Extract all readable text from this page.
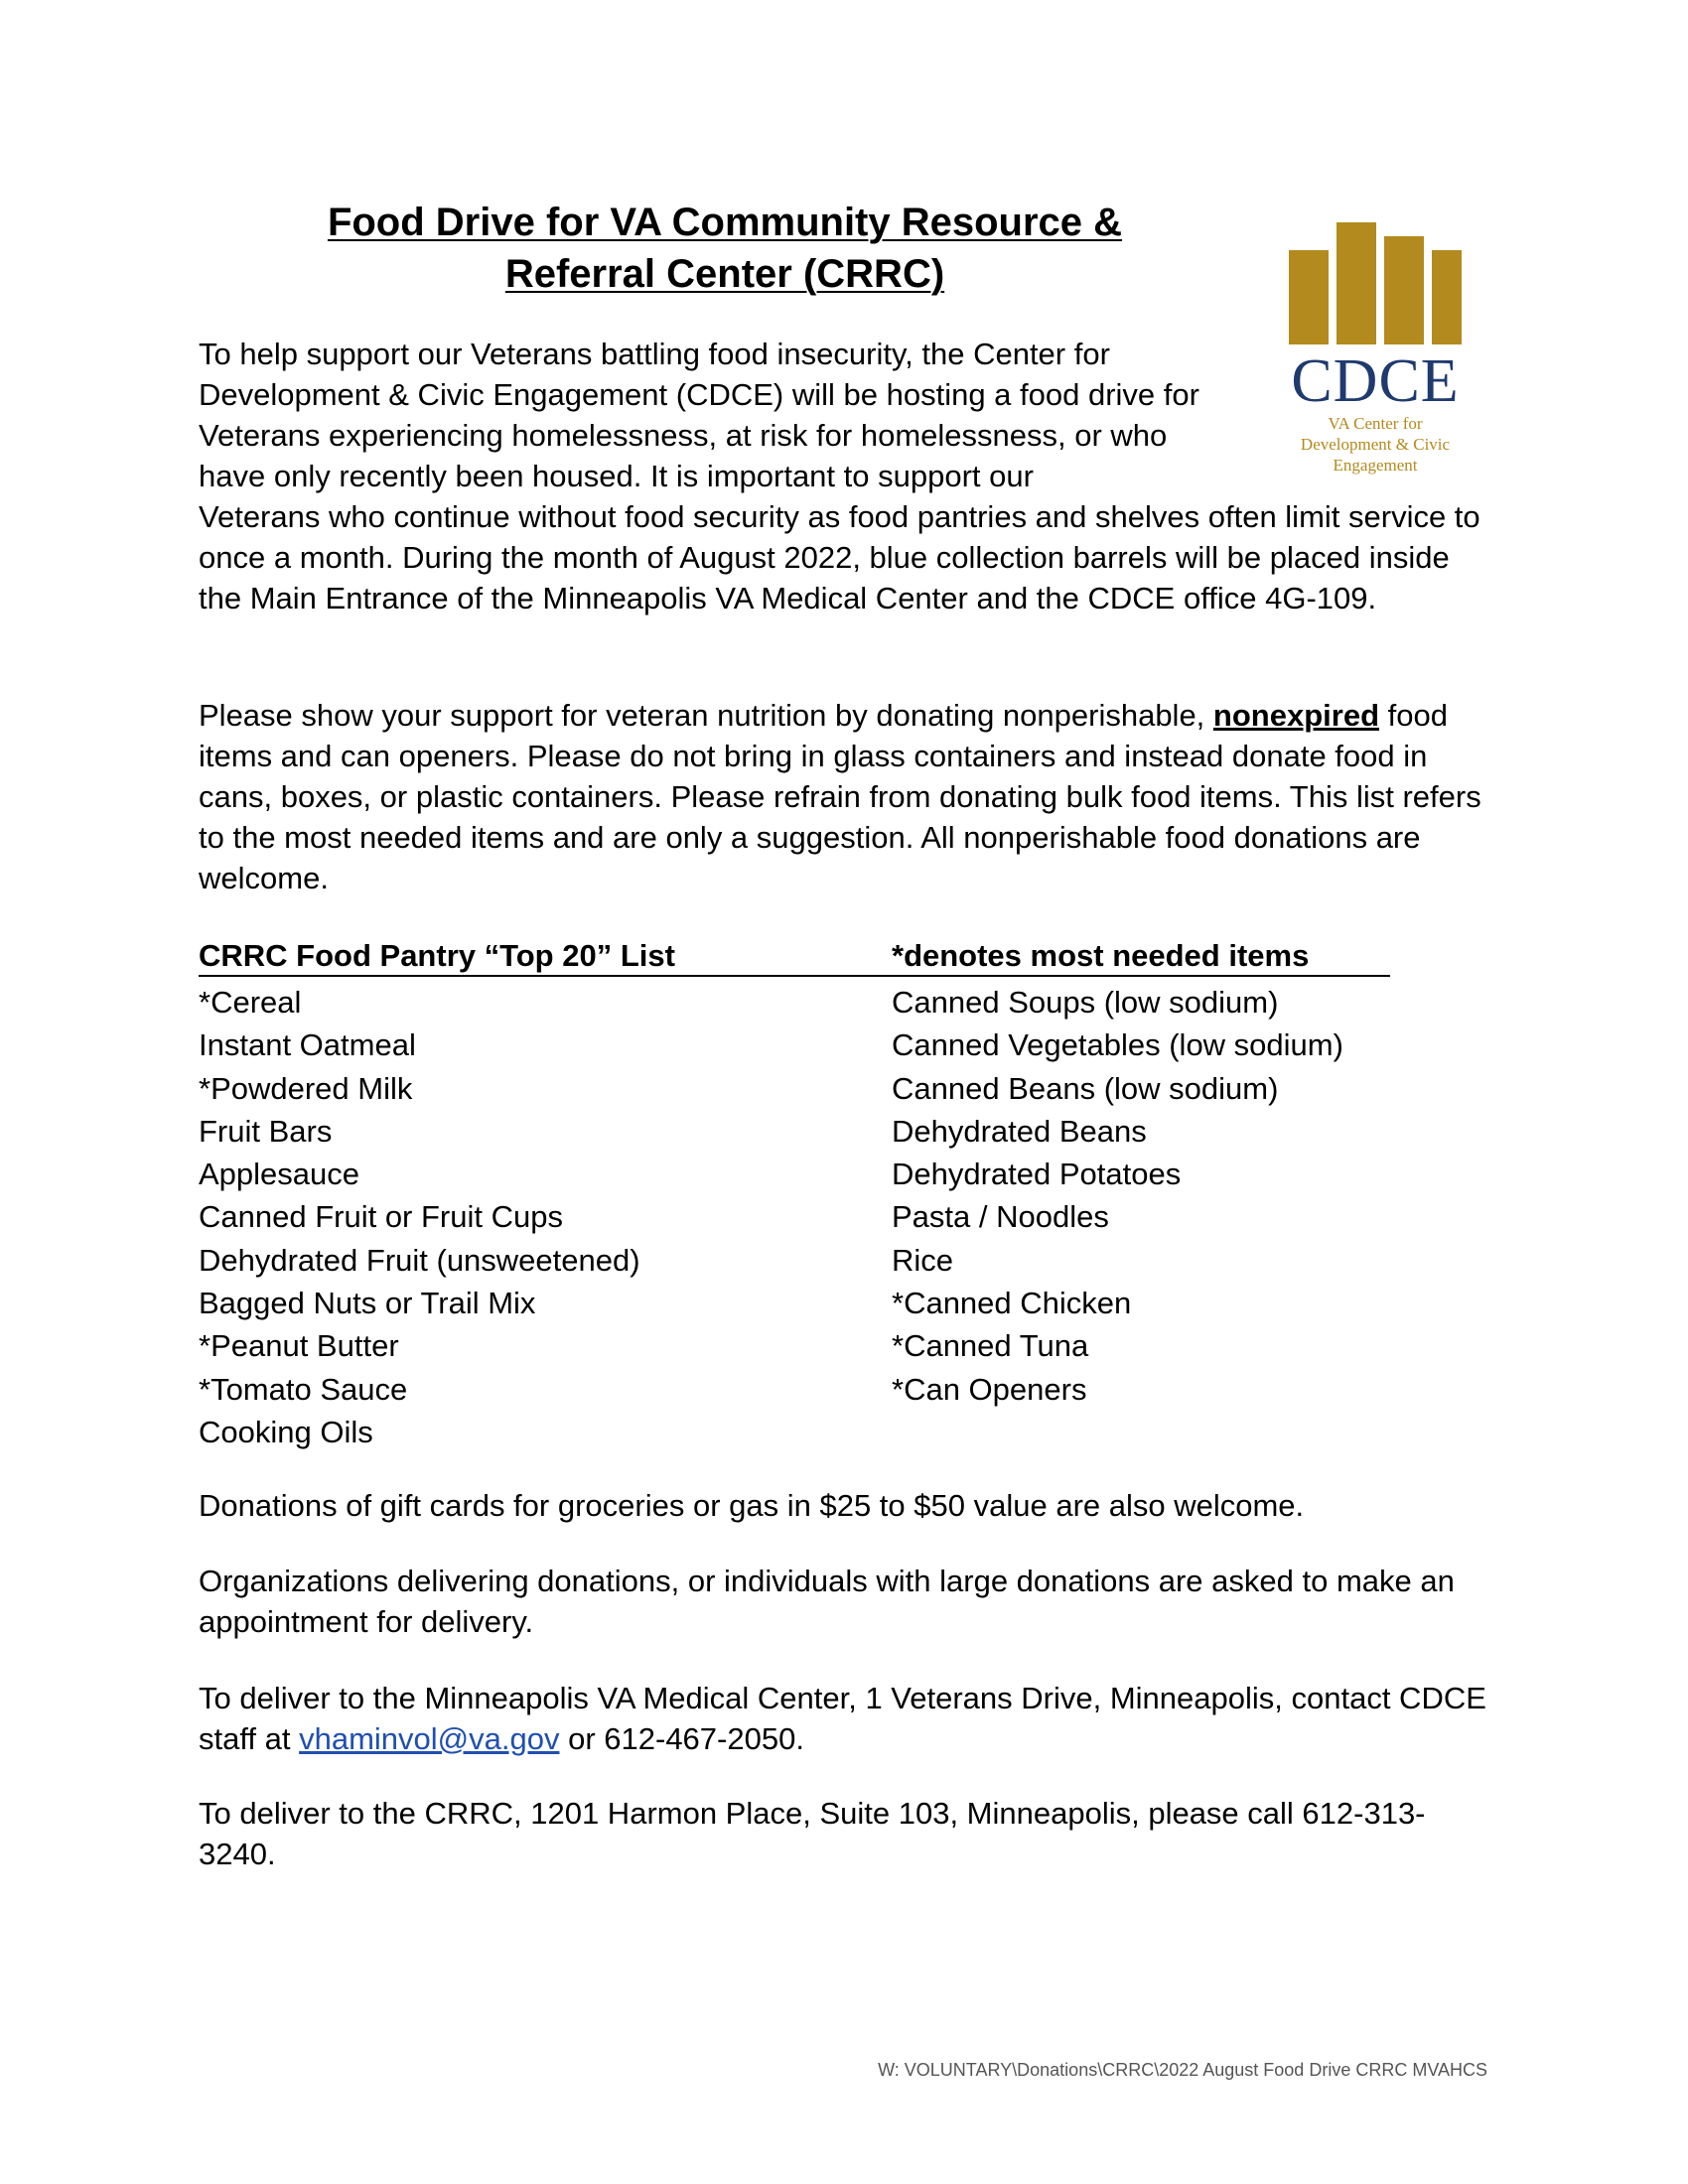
Food Drive for VA Community Resource &
Referral Center (CRRC)
CDCE
VA Center for
Development & Civic
Engagement
To help support our Veterans battling food insecurity, the Center for Development & Civic Engagement (CDCE) will be hosting a food drive for Veterans experiencing homelessness, at risk for homelessness, or who have only recently been housed. It is important to support our
Veterans who continue without food security as food pantries and shelves often limit service to once a month. During the month of August 2022, blue collection barrels will be placed inside the Main Entrance of the Minneapolis VA Medical Center and the CDCE office 4G-109.
Please show your support for veteran nutrition by donating nonperishable, nonexpired food items and can openers. Please do not bring in glass containers and instead donate food in cans, boxes, or plastic containers. Please refrain from donating bulk food items. This list refers to the most needed items and are only a suggestion. All nonperishable food donations are welcome.
CRRC Food Pantry “Top 20” List	*denotes most needed items
*Cereal
Instant Oatmeal
*Powdered Milk
Fruit Bars
Applesauce
Canned Fruit or Fruit Cups
Dehydrated Fruit (unsweetened)
Bagged Nuts or Trail Mix
*Peanut Butter
*Tomato Sauce
Cooking Oils
Canned Soups (low sodium)
Canned Vegetables (low sodium)
Canned Beans (low sodium)
Dehydrated Beans
Dehydrated Potatoes
Pasta / Noodles
Rice
*Canned Chicken
*Canned Tuna
*Can Openers
Donations of gift cards for groceries or gas in $25 to $50 value are also welcome.
Organizations delivering donations, or individuals with large donations are asked to make an appointment for delivery.
To deliver to the Minneapolis VA Medical Center, 1 Veterans Drive, Minneapolis, contact CDCE staff at vhaminvol@va.gov or 612-467-2050.
To deliver to the CRRC, 1201 Harmon Place, Suite 103, Minneapolis, please call 612-313-3240.
W: VOLUNTARY\Donations\CRRC\2022 August Food Drive CRRC MVAHCS
